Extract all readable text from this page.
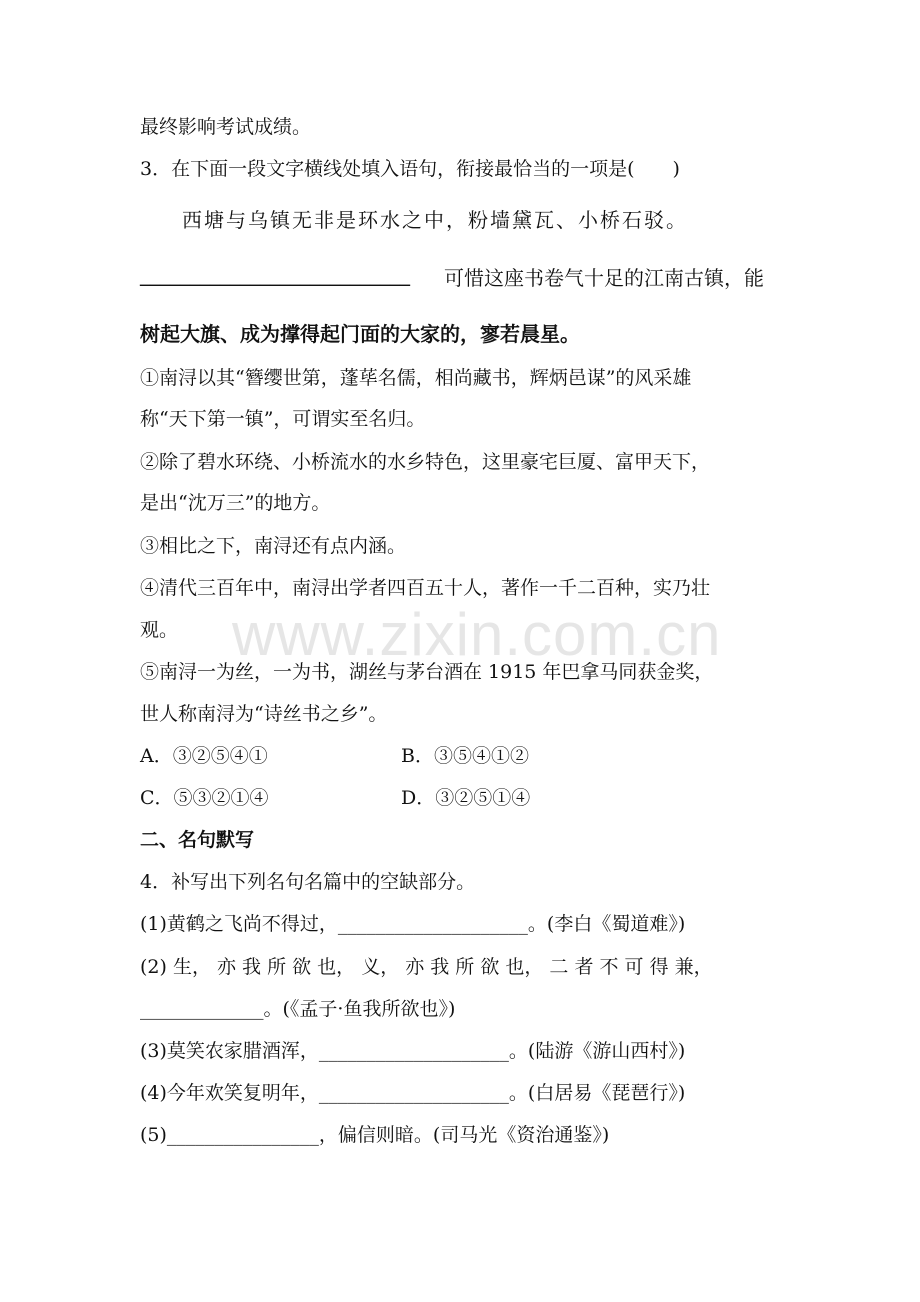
www.zixin.com.cn
最终影响考试成绩。
3．在下面一段文字横线处填入语句，衔接最恰当的一项是(　　)
西塘与乌镇无非是环水之中，粉墙黛瓦、小桥石驳。
___________________________ 可惜这座书卷气十足的江南古镇，能
树起大旗、成为撑得起门面的大家的，寥若晨星。
①南浔以其“簪缨世第，蓬荜名儒，相尚藏书，辉炳邑谋”的风采雄
称“天下第一镇”，可谓实至名归。
②除了碧水环绕、小桥流水的水乡特色，这里豪宅巨厦、富甲天下，
是出“沈万三”的地方。
③相比之下，南浔还有点内涵。
④清代三百年中，南浔出学者四百五十人，著作一千二百种，实乃壮
观。
⑤南浔一为丝，一为书，湖丝与茅台酒在 1915 年巴拿马同获金奖，
世人称南浔为“诗丝书之乡”。
A．③②⑤④①	B．③⑤④①②
C．⑤③②①④	D．③②⑤①④
二、名句默写
4．补写出下列名句名篇中的空缺部分。
(1)黄鹤之飞尚不得过，____________________。(李白《蜀道难》)
(2) 生， 亦 我 所 欲 也， 义， 亦 我 所 欲 也， 二 者 不 可 得 兼，
_____________。(《孟子·鱼我所欲也》)
(3)莫笑农家腊酒浑，____________________。(陆游《游山西村》)
(4)今年欢笑复明年，____________________。(白居易《琵琶行》)
(5)________________，偏信则暗。(司马光《资治通鉴》)
